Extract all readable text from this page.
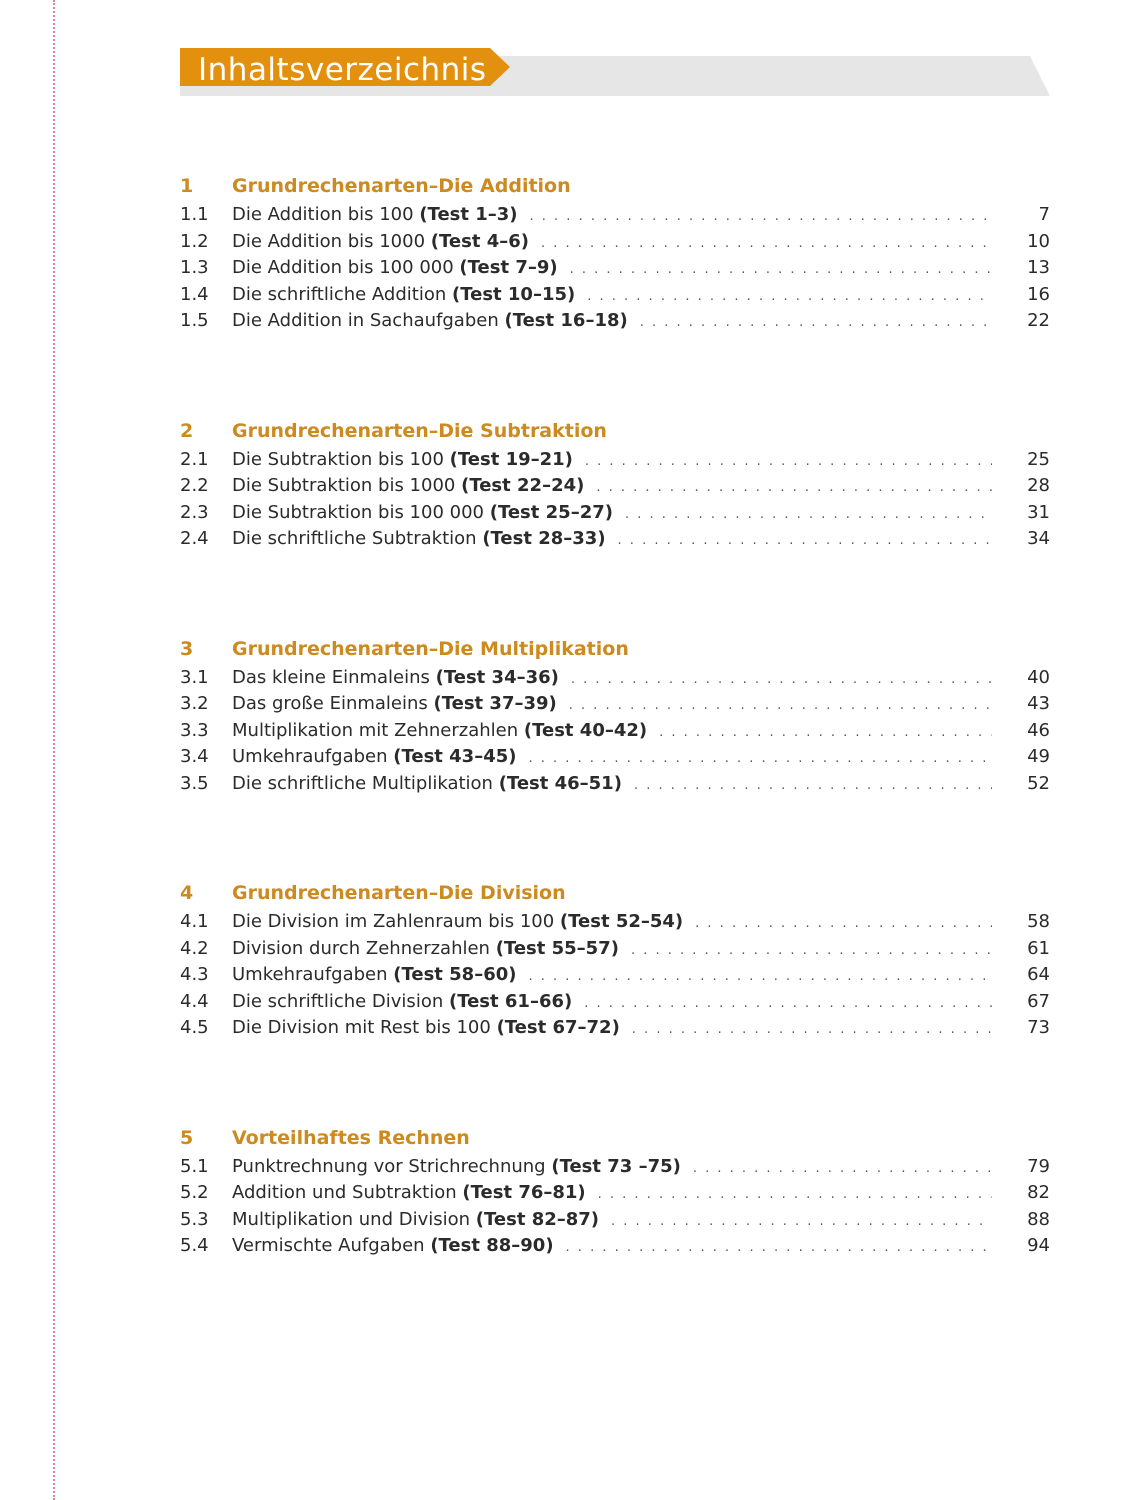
Inhaltsverzeichnis
1	Grundrechenarten–Die Addition
1.1	Die Addition bis 100 (Test 1–3) . . .	7
1.2	Die Addition bis 1000 (Test 4–6) . . .	10
1.3	Die Addition bis 100 000 (Test 7–9) . . .	13
1.4	Die schriftliche Addition (Test 10–15) . . .	16
1.5	Die Addition in Sachaufgaben (Test 16–18) . . .	22
2	Grundrechenarten–Die Subtraktion
2.1	Die Subtraktion bis 100 (Test 19–21) . . .	25
2.2	Die Subtraktion bis 1000 (Test 22–24) . . .	28
2.3	Die Subtraktion bis 100 000 (Test 25–27) . . .	31
2.4	Die schriftliche Subtraktion (Test 28–33) . . .	34
3	Grundrechenarten–Die Multiplikation
3.1	Das kleine Einmaleins (Test 34–36) . . .	40
3.2	Das große Einmaleins (Test 37–39) . . .	43
3.3	Multiplikation mit Zehnerzahlen (Test 40–42) . . .	46
3.4	Umkehraufgaben (Test 43–45) . . .	49
3.5	Die schriftliche Multiplikation (Test 46–51) . . .	52
4	Grundrechenarten–Die Division
4.1	Die Division im Zahlenraum bis 100 (Test 52–54) . . .	58
4.2	Division durch Zehnerzahlen (Test 55–57) . . .	61
4.3	Umkehraufgaben (Test 58–60) . . .	64
4.4	Die schriftliche Division (Test 61–66) . . .	67
4.5	Die Division mit Rest bis 100 (Test 67–72) . . .	73
5	Vorteilhaftes Rechnen
5.1	Punktrechnung vor Strichrechnung (Test 73 –75) . . .	79
5.2	Addition und Subtraktion (Test 76–81) . . .	82
5.3	Multiplikation und Division (Test 82–87) . . .	88
5.4	Vermischte Aufgaben (Test 88–90) . . .	94
